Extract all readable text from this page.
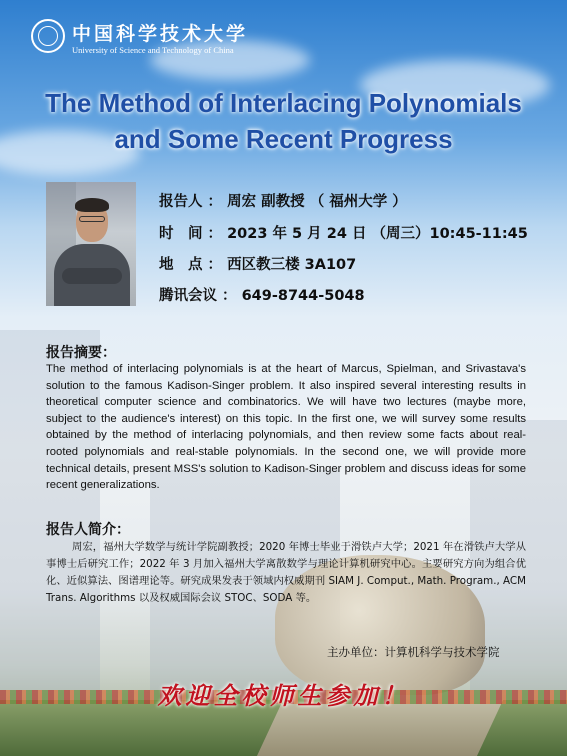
中国科学技术大学
University of Science and Technology of China
The Method of Interlacing Polynomials
and Some Recent Progress
报告人 ： 周宏 副教授 （ 福州大学 ）
时　间 ： 2023 年 5 月 24 日 （周三）10:45-11:45
地　点 ： 西区教三楼 3A107
腾讯会议 ： 649-8744-5048
报告摘要：

The method of interlacing polynomials is at the heart of Marcus, Spielman, and Srivastava's solution to the famous Kadison-Singer problem. It also inspired several interesting results in theoretical computer science and combinatorics. We will have two lectures (maybe more, subject to the audience's interest) on this topic. In the first one, we will survey some results obtained by the method of interlacing polynomials, and then review some facts about real-rooted polynomials and real-stable polynomials. In the second one, we will provide more technical details, present MSS's solution to Kadison-Singer problem and discuss ideas for some recent generalizations.

报告人简介：

周宏，福州大学数学与统计学院副教授；2020 年博士毕业于滑铁卢大学；2021 年在滑铁卢大学从事博士后研究工作；2022 年 3 月加入福州大学离散数学与理论计算机研究中心。主要研究方向为组合优化、近似算法、图谱理论等。研究成果发表于领域内权威期刊 SIAM J. Comput., Math. Program., ACM Trans. Algorithms 以及权威国际会议 STOC、SODA 等。

主办单位：计算机科学与技术学院
欢迎全校师生参加！
